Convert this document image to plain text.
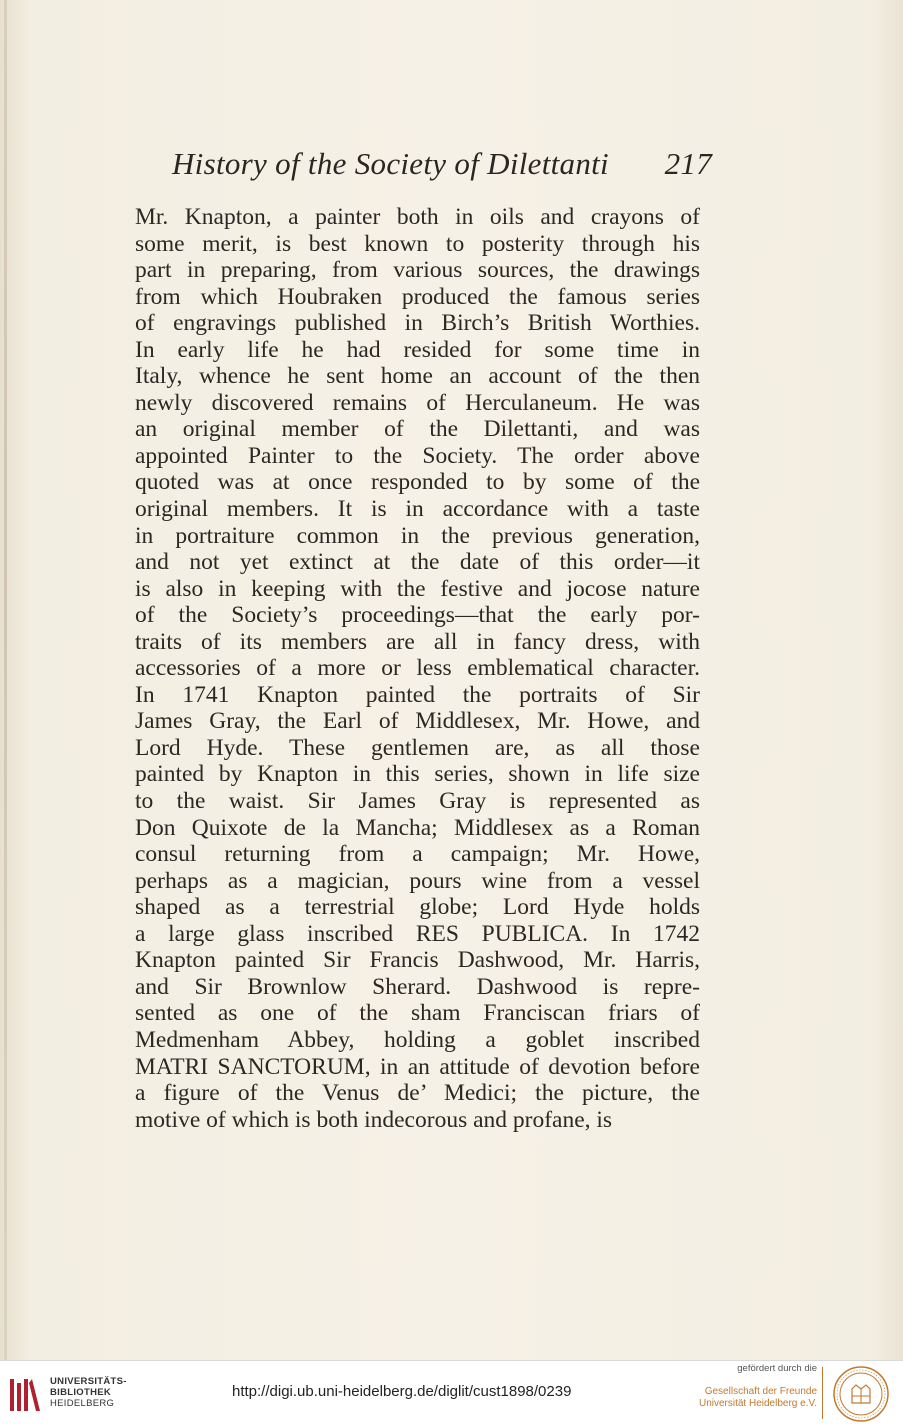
History of the Society of Dilettanti 217
Mr. Knapton, a painter both in oils and crayons of
some merit, is best known to posterity through his
part in preparing, from various sources, the drawings
from which Houbraken produced the famous series
of engravings published in Birch’s British Worthies.
In early life he had resided for some time in
Italy, whence he sent home an account of the then
newly discovered remains of Herculaneum. He was
an original member of the Dilettanti, and was
appointed Painter to the Society. The order above
quoted was at once responded to by some of the
original members. It is in accordance with a taste
in portraiture common in the previous generation,
and not yet extinct at the date of this order—it
is also in keeping with the festive and jocose nature
of the Society’s proceedings—that the early por-
traits of its members are all in fancy dress, with
accessories of a more or less emblematical character.
In 1741 Knapton painted the portraits of Sir
James Gray, the Earl of Middlesex, Mr. Howe, and
Lord Hyde. These gentlemen are, as all those
painted by Knapton in this series, shown in life size
to the waist. Sir James Gray is represented as
Don Quixote de la Mancha; Middlesex as a Roman
consul returning from a campaign; Mr. Howe,
perhaps as a magician, pours wine from a vessel
shaped as a terrestrial globe; Lord Hyde holds
a large glass inscribed RES PUBLICA. In 1742
Knapton painted Sir Francis Dashwood, Mr. Harris,
and Sir Brownlow Sherard. Dashwood is repre-
sented as one of the sham Franciscan friars of
Medmenham Abbey, holding a goblet inscribed
MATRI SANCTORUM, in an attitude of devotion before
a figure of the Venus de’ Medici; the picture, the
motive of which is both indecorous and profane, is
UNIVERSITÄTS-
BIBLIOTHEK
HEIDELBERG
http://digi.ub.uni-heidelberg.de/diglit/cust1898/0239
gefördert durch die
Gesellschaft der Freunde
Universität Heidelberg e.V.
